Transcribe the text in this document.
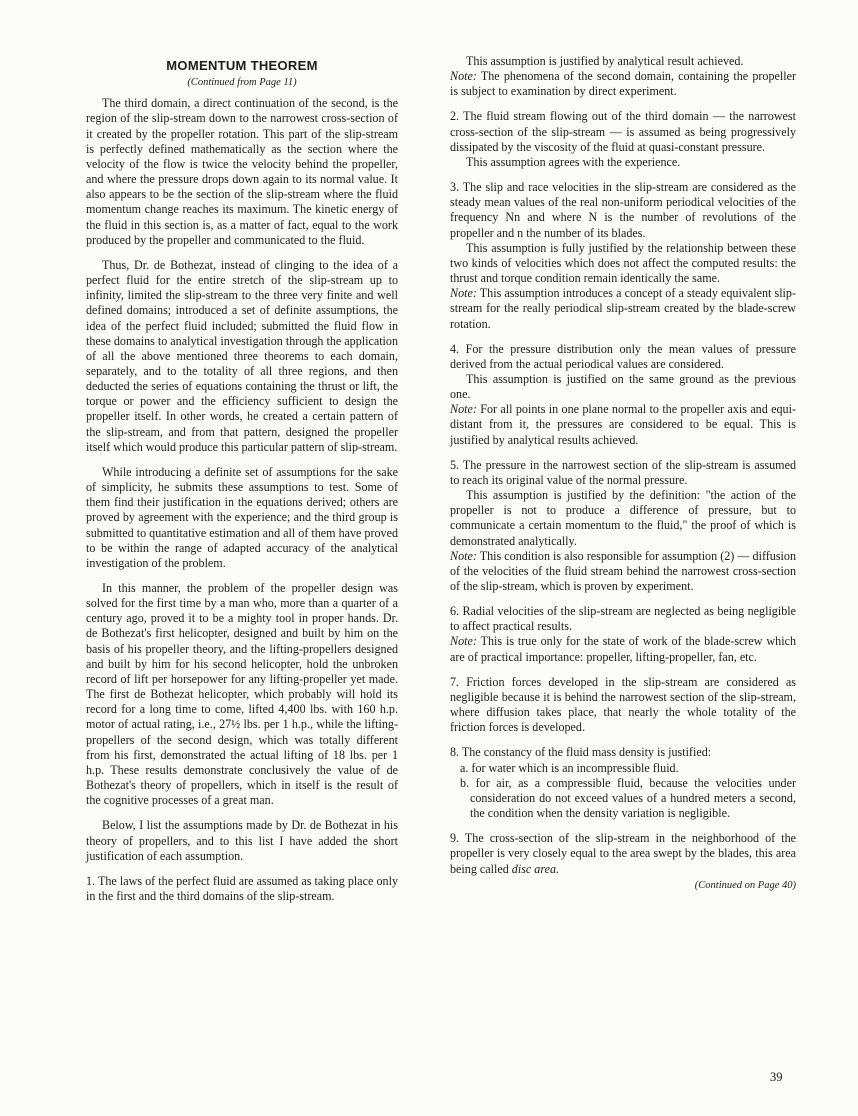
MOMENTUM THEOREM
(Continued from Page 11)

The third domain, a direct continuation of the second, is the region of the slip-stream down to the narrowest cross-section of it created by the propeller rotation. This part of the slip-stream is perfectly defined mathematically as the section where the velocity of the flow is twice the velocity behind the propeller, and where the pressure drops down again to its normal value. It also appears to be the section of the slip-stream where the fluid momentum change reaches its maximum. The kinetic energy of the fluid in this section is, as a matter of fact, equal to the work produced by the propeller and communicated to the fluid.

Thus, Dr. de Bothezat, instead of clinging to the idea of a perfect fluid for the entire stretch of the slip-stream up to infinity, limited the slip-stream to the three very finite and well defined domains; introduced a set of definite assumptions, the idea of the perfect fluid included; submitted the fluid flow in these domains to analytical investigation through the application of all the above mentioned three theorems to each domain, separately, and to the totality of all three regions, and then deducted the series of equations containing the thrust or lift, the torque or power and the efficiency sufficient to design the propeller itself. In other words, he created a certain pattern of the slip-stream, and from that pattern, designed the propeller itself which would produce this particular pattern of slip-stream.

While introducing a definite set of assumptions for the sake of simplicity, he submits these assumptions to test. Some of them find their justification in the equations derived; others are proved by agreement with the experience; and the third group is submitted to quantitative estimation and all of them have proved to be within the range of adapted accuracy of the analytical investigation of the problem.

In this manner, the problem of the propeller design was solved for the first time by a man who, more than a quarter of a century ago, proved it to be a mighty tool in proper hands. Dr. de Bothezat's first helicopter, designed and built by him on the basis of his propeller theory, and the lifting-propellers designed and built by him for his second helicopter, hold the unbroken record of lift per horsepower for any lifting-propeller yet made. The first de Bothezat helicopter, which probably will hold its record for a long time to come, lifted 4,400 lbs. with 160 h.p. motor of actual rating, i.e., 27½ lbs. per 1 h.p., while the lifting-propellers of the second design, which was totally different from his first, demonstrated the actual lifting of 18 lbs. per 1 h.p. These results demonstrate conclusively the value of de Bothezat's theory of propellers, which in itself is the result of the cognitive processes of a great man.

Below, I list the assumptions made by Dr. de Bothezat in his theory of propellers, and to this list I have added the short justification of each assumption.

1. The laws of the perfect fluid are assumed as taking place only in the first and the third domains of the slip-stream.

This assumption is justified by analytical result achieved.

Note: The phenomena of the second domain, containing the propeller is subject to examination by direct experiment.

2. The fluid stream flowing out of the third domain — the narrowest cross-section of the slip-stream — is assumed as being progressively dissipated by the viscosity of the fluid at quasi-constant pressure.

This assumption agrees with the experience.

3. The slip and race velocities in the slip-stream are considered as the steady mean values of the real non-uniform periodical velocities of the frequency Nn and where N is the number of revolutions of the propeller and n the number of its blades.

This assumption is fully justified by the relationship between these two kinds of velocities which does not affect the computed results: the thrust and torque condition remain identically the same.

Note: This assumption introduces a concept of a steady equivalent slip-stream for the really periodical slip-stream created by the blade-screw rotation.

4. For the pressure distribution only the mean values of pressure derived from the actual periodical values are considered.

This assumption is justified on the same ground as the previous one.

Note: For all points in one plane normal to the propeller axis and equi-distant from it, the pressures are considered to be equal. This is justified by analytical results achieved.

5. The pressure in the narrowest section of the slip-stream is assumed to reach its original value of the normal pressure.

This assumption is justified by the definition: "the action of the propeller is not to produce a difference of pressure, but to communicate a certain momentum to the fluid," the proof of which is demonstrated analytically.

Note: This condition is also responsible for assumption (2) — diffusion of the velocities of the fluid stream behind the narrowest cross-section of the slip-stream, which is proven by experiment.

6. Radial velocities of the slip-stream are neglected as being negligible to affect practical results.

Note: This is true only for the state of work of the blade-screw which are of practical importance: propeller, lifting-propeller, fan, etc.

7. Friction forces developed in the slip-stream are considered as negligible because it is behind the narrowest section of the slip-stream, where diffusion takes place, that nearly the whole totality of the friction forces is developed.

8. The constancy of the fluid mass density is justified:

a. for water which is an incompressible fluid.

b. for air, as a compressible fluid, because the velocities under consideration do not exceed values of a hundred meters a second, the condition when the density variation is negligible.

9. The cross-section of the slip-stream in the neighborhood of the propeller is very closely equal to the area swept by the blades, this area being called disc area.

(Continued on Page 40)
39
